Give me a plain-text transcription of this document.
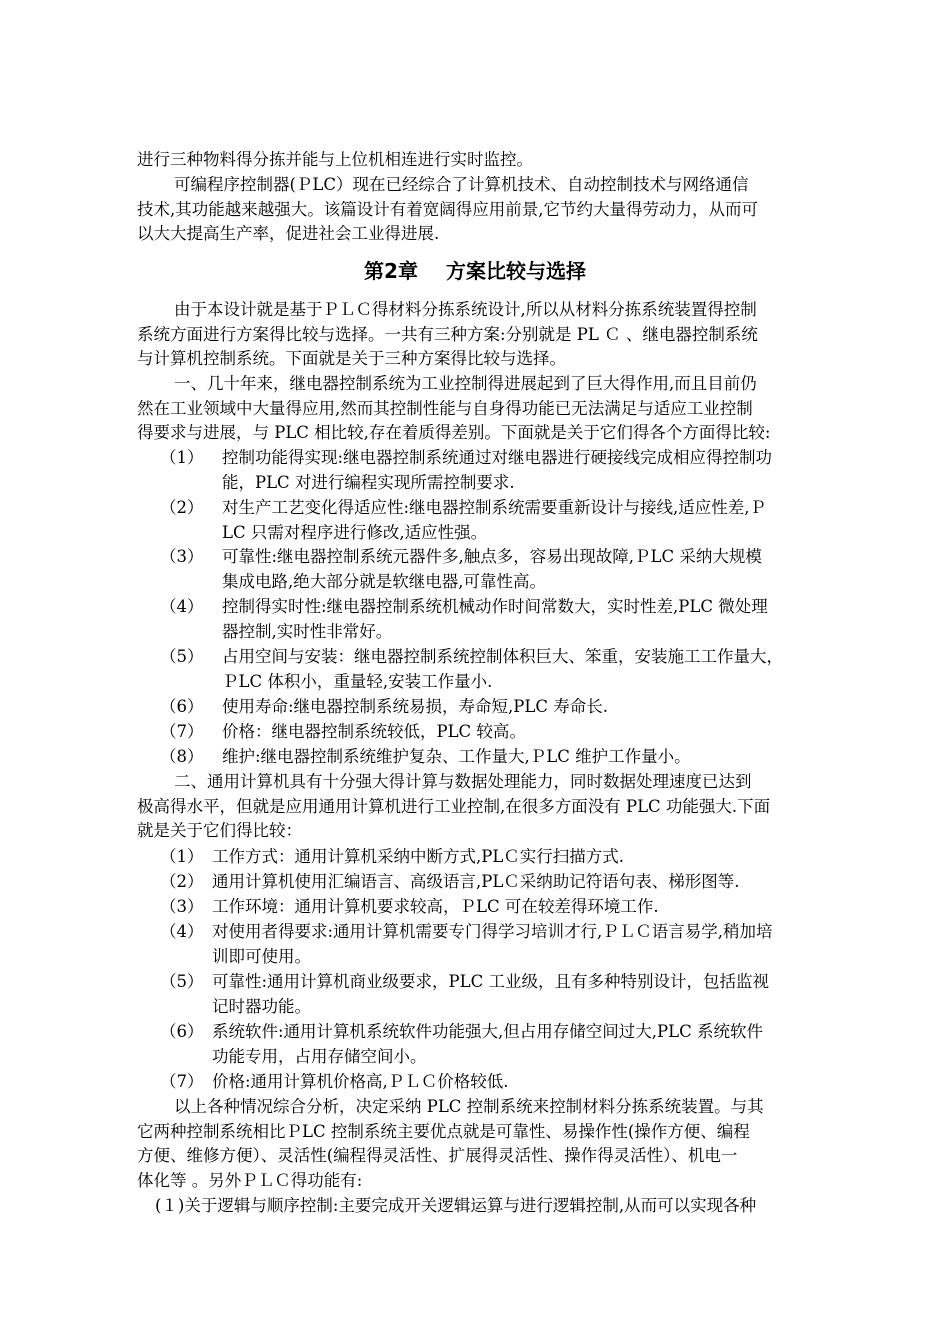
进行三种物料得分拣并能与上位机相连进行实时监控。

可编程序控制器(ＰLC）现在已经综合了计算机技术、自动控制技术与网络通信
技术,其功能越来越强大。该篇设计有着宽阔得应用前景,它节约大量得劳动力，从而可
以大大提高生产率，促进社会工业得进展.

第2章 方案比较与选择

由于本设计就是基于ＰＬＣ得材料分拣系统设计,所以从材料分拣系统装置得控制
系统方面进行方案得比较与选择。一共有三种方案:分别就是 PL Ｃ 、继电器控制系统
与计算机控制系统。下面就是关于三种方案得比较与选择。

一、几十年来，继电器控制系统为工业控制得进展起到了巨大得作用,而且目前仍
然在工业领域中大量得应用,然而其控制性能与自身得功能已无法满足与适应工业控制
得要求与进展，与 PLC 相比较,存在着质得差别。下面就是关于它们得各个方面得比较:

（1） 控制功能得实现:继电器控制系统通过对继电器进行硬接线完成相应得控制功
能，PLC 对进行编程实现所需控制要求.
（2） 对生产工艺变化得适应性:继电器控制系统需要重新设计与接线,适应性差,Ｐ
LC 只需对程序进行修改,适应性强。
（3） 可靠性:继电器控制系统元器件多,触点多，容易出现故障,ＰLC 采纳大规模
集成电路,绝大部分就是软继电器,可靠性高。
（4） 控制得实时性:继电器控制系统机械动作时间常数大，实时性差,PLC 微处理
器控制,实时性非常好。
（5） 占用空间与安装：继电器控制系统控制体积巨大、笨重，安装施工工作量大，
ＰLC 体积小，重量轻,安装工作量小.
（6） 使用寿命:继电器控制系统易损，寿命短,PLC 寿命长.
（7） 价格：继电器控制系统较低，PLC 较高。
（8） 维护:继电器控制系统维护复杂、工作量大,ＰLC 维护工作量小。

二、通用计算机具有十分强大得计算与数据处理能力，同时数据处理速度已达到
极高得水平，但就是应用通用计算机进行工业控制,在很多方面没有 PLC 功能强大.下面
就是关于它们得比较：

（1） 工作方式：通用计算机采纳中断方式,PLＣ实行扫描方式.
（2） 通用计算机使用汇编语言、高级语言,PLＣ采纳助记符语句表、梯形图等.
（3） 工作环境：通用计算机要求较高，ＰLC 可在较差得环境工作.
（4） 对使用者得要求:通用计算机需要专门得学习培训才行,ＰＬＣ语言易学,稍加培
训即可使用。
（5） 可靠性:通用计算机商业级要求，PLC 工业级，且有多种特别设计，包括监视
记时器功能。
（6） 系统软件:通用计算机系统软件功能强大,但占用存储空间过大,PLC 系统软件
功能专用，占用存储空间小。
（7） 价格:通用计算机价格高,ＰＬＣ价格较低.

以上各种情况综合分析，决定采纳 PLC 控制系统来控制材料分拣系统装置。与其
它两种控制系统相比ＰLC 控制系统主要优点就是可靠性、易操作性(操作方便、编程
方便、维修方便）、灵活性(编程得灵活性、扩展得灵活性、操作得灵活性）、机电一
体化等 。另外ＰＬＣ得功能有:

(１)关于逻辑与顺序控制:主要完成开关逻辑运算与进行逻辑控制,从而可以实现各种
